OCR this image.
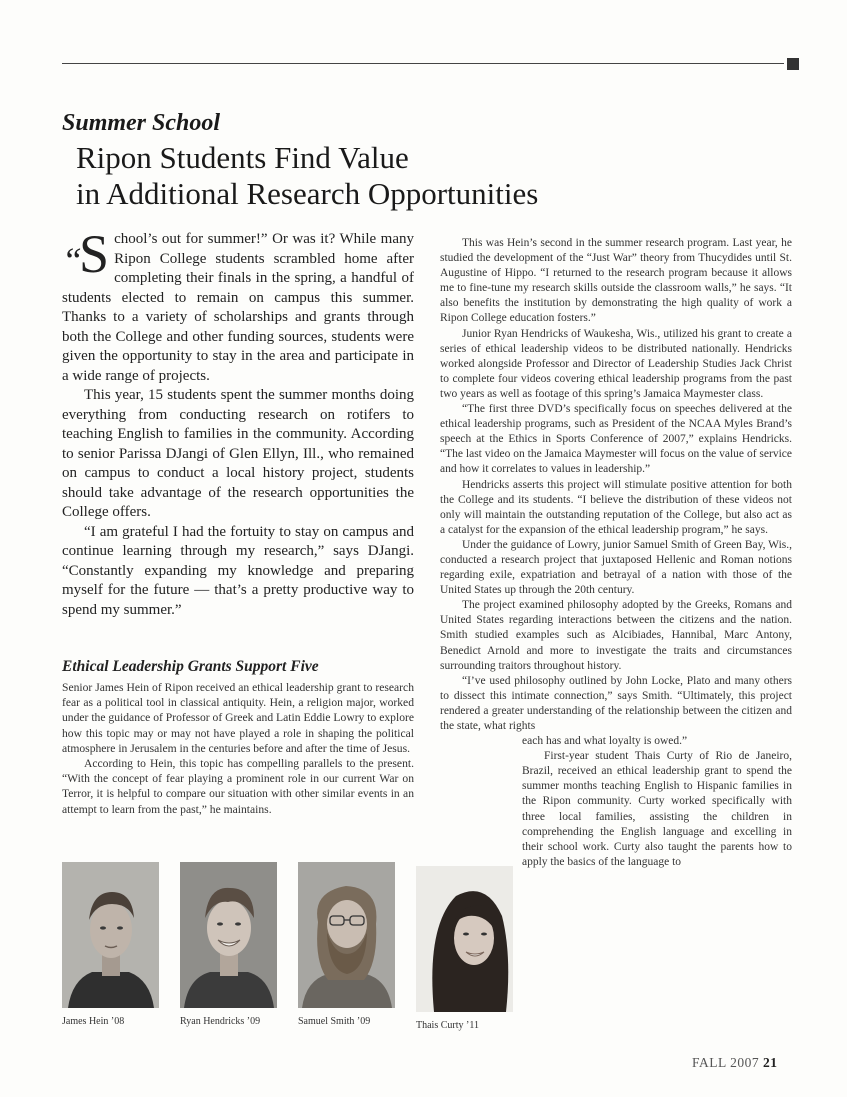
Summer School
Ripon Students Find Value
in Additional Research Opportunities

“S chool’s out for summer!” Or was it? While many Ripon College students scrambled home after completing their finals in the spring, a handful of students elected to remain on campus this summer. Thanks to a variety of scholarships and grants through both the College and other funding sources, students were given the opportunity to stay in the area and participate in a wide range of projects.

This year, 15 students spent the summer months doing everything from conducting research on rotifers to teaching English to families in the community. According to senior Parissa DJangi of Glen Ellyn, Ill., who remained on campus to conduct a local history project, students should take advantage of the research opportunities the College offers.

“I am grateful I had the fortuity to stay on campus and continue learning through my research,” says DJangi. “Constantly expanding my knowledge and preparing myself for the future — that’s a pretty productive way to spend my summer.”

Ethical Leadership Grants Support Five

Senior James Hein of Ripon received an ethical leadership grant to research fear as a political tool in classical antiquity. Hein, a religion major, worked under the guidance of Professor of Greek and Latin Eddie Lowry to explore how this topic may or may not have played a role in shaping the political atmosphere in Jerusalem in the centuries before and after the time of Jesus.

According to Hein, this topic has compelling parallels to the present. “With the concept of fear playing a prominent role in our current War on Terror, it is helpful to compare our situation with other similar events in an attempt to learn from the past,” he maintains.

This was Hein’s second in the summer research program. Last year, he studied the development of the “Just War” theory from Thucydides until St. Augustine of Hippo. “I returned to the research program because it allows me to fine-tune my research skills outside the classroom walls,” he says. “It also benefits the institution by demonstrating the high quality of work a Ripon College education fosters.”

Junior Ryan Hendricks of Waukesha, Wis., utilized his grant to create a series of ethical leadership videos to be distributed nationally. Hendricks worked alongside Professor and Director of Leadership Studies Jack Christ to complete four videos covering ethical leadership programs from the past two years as well as footage of this spring’s Jamaica Maymester class.

“The first three DVD’s specifically focus on speeches delivered at the ethical leadership programs, such as President of the NCAA Myles Brand’s speech at the Ethics in Sports Conference of 2007,” explains Hendricks. “The last video on the Jamaica Maymester will focus on the value of service and how it correlates to values in leadership.”

Hendricks asserts this project will stimulate positive attention for both the College and its students. “I believe the distribution of these videos not only will maintain the outstanding reputation of the College, but also act as a catalyst for the expansion of the ethical leadership program,” he says.

Under the guidance of Lowry, junior Samuel Smith of Green Bay, Wis., conducted a research project that juxtaposed Hellenic and Roman notions regarding exile, expatriation and betrayal of a nation with those of the United States up through the 20th century.

The project examined philosophy adopted by the Greeks, Romans and United States regarding interactions between the citizens and the nation. Smith studied examples such as Alcibiades, Hannibal, Marc Antony, Benedict Arnold and more to investigate the traits and circumstances surrounding traitors throughout history.

“I’ve used philosophy outlined by John Locke, Plato and many others to dissect this intimate connection,” says Smith. “Ultimately, this project rendered a greater understanding of the relationship between the citizen and the state, what rights

each has and what loyalty is owed.”

First-year student Thais Curty of Rio de Janeiro, Brazil, received an ethical leadership grant to spend the summer months teaching English to Hispanic families in the Ripon community. Curty worked specifically with three local families, assisting the children in comprehending the English language and excelling in their school work. Curty also taught the parents how to apply the basics of the language to

James Hein ’08	Ryan Hendricks ’09	Samuel Smith ’09	Thais Curty ’11
FALL 2007 21
